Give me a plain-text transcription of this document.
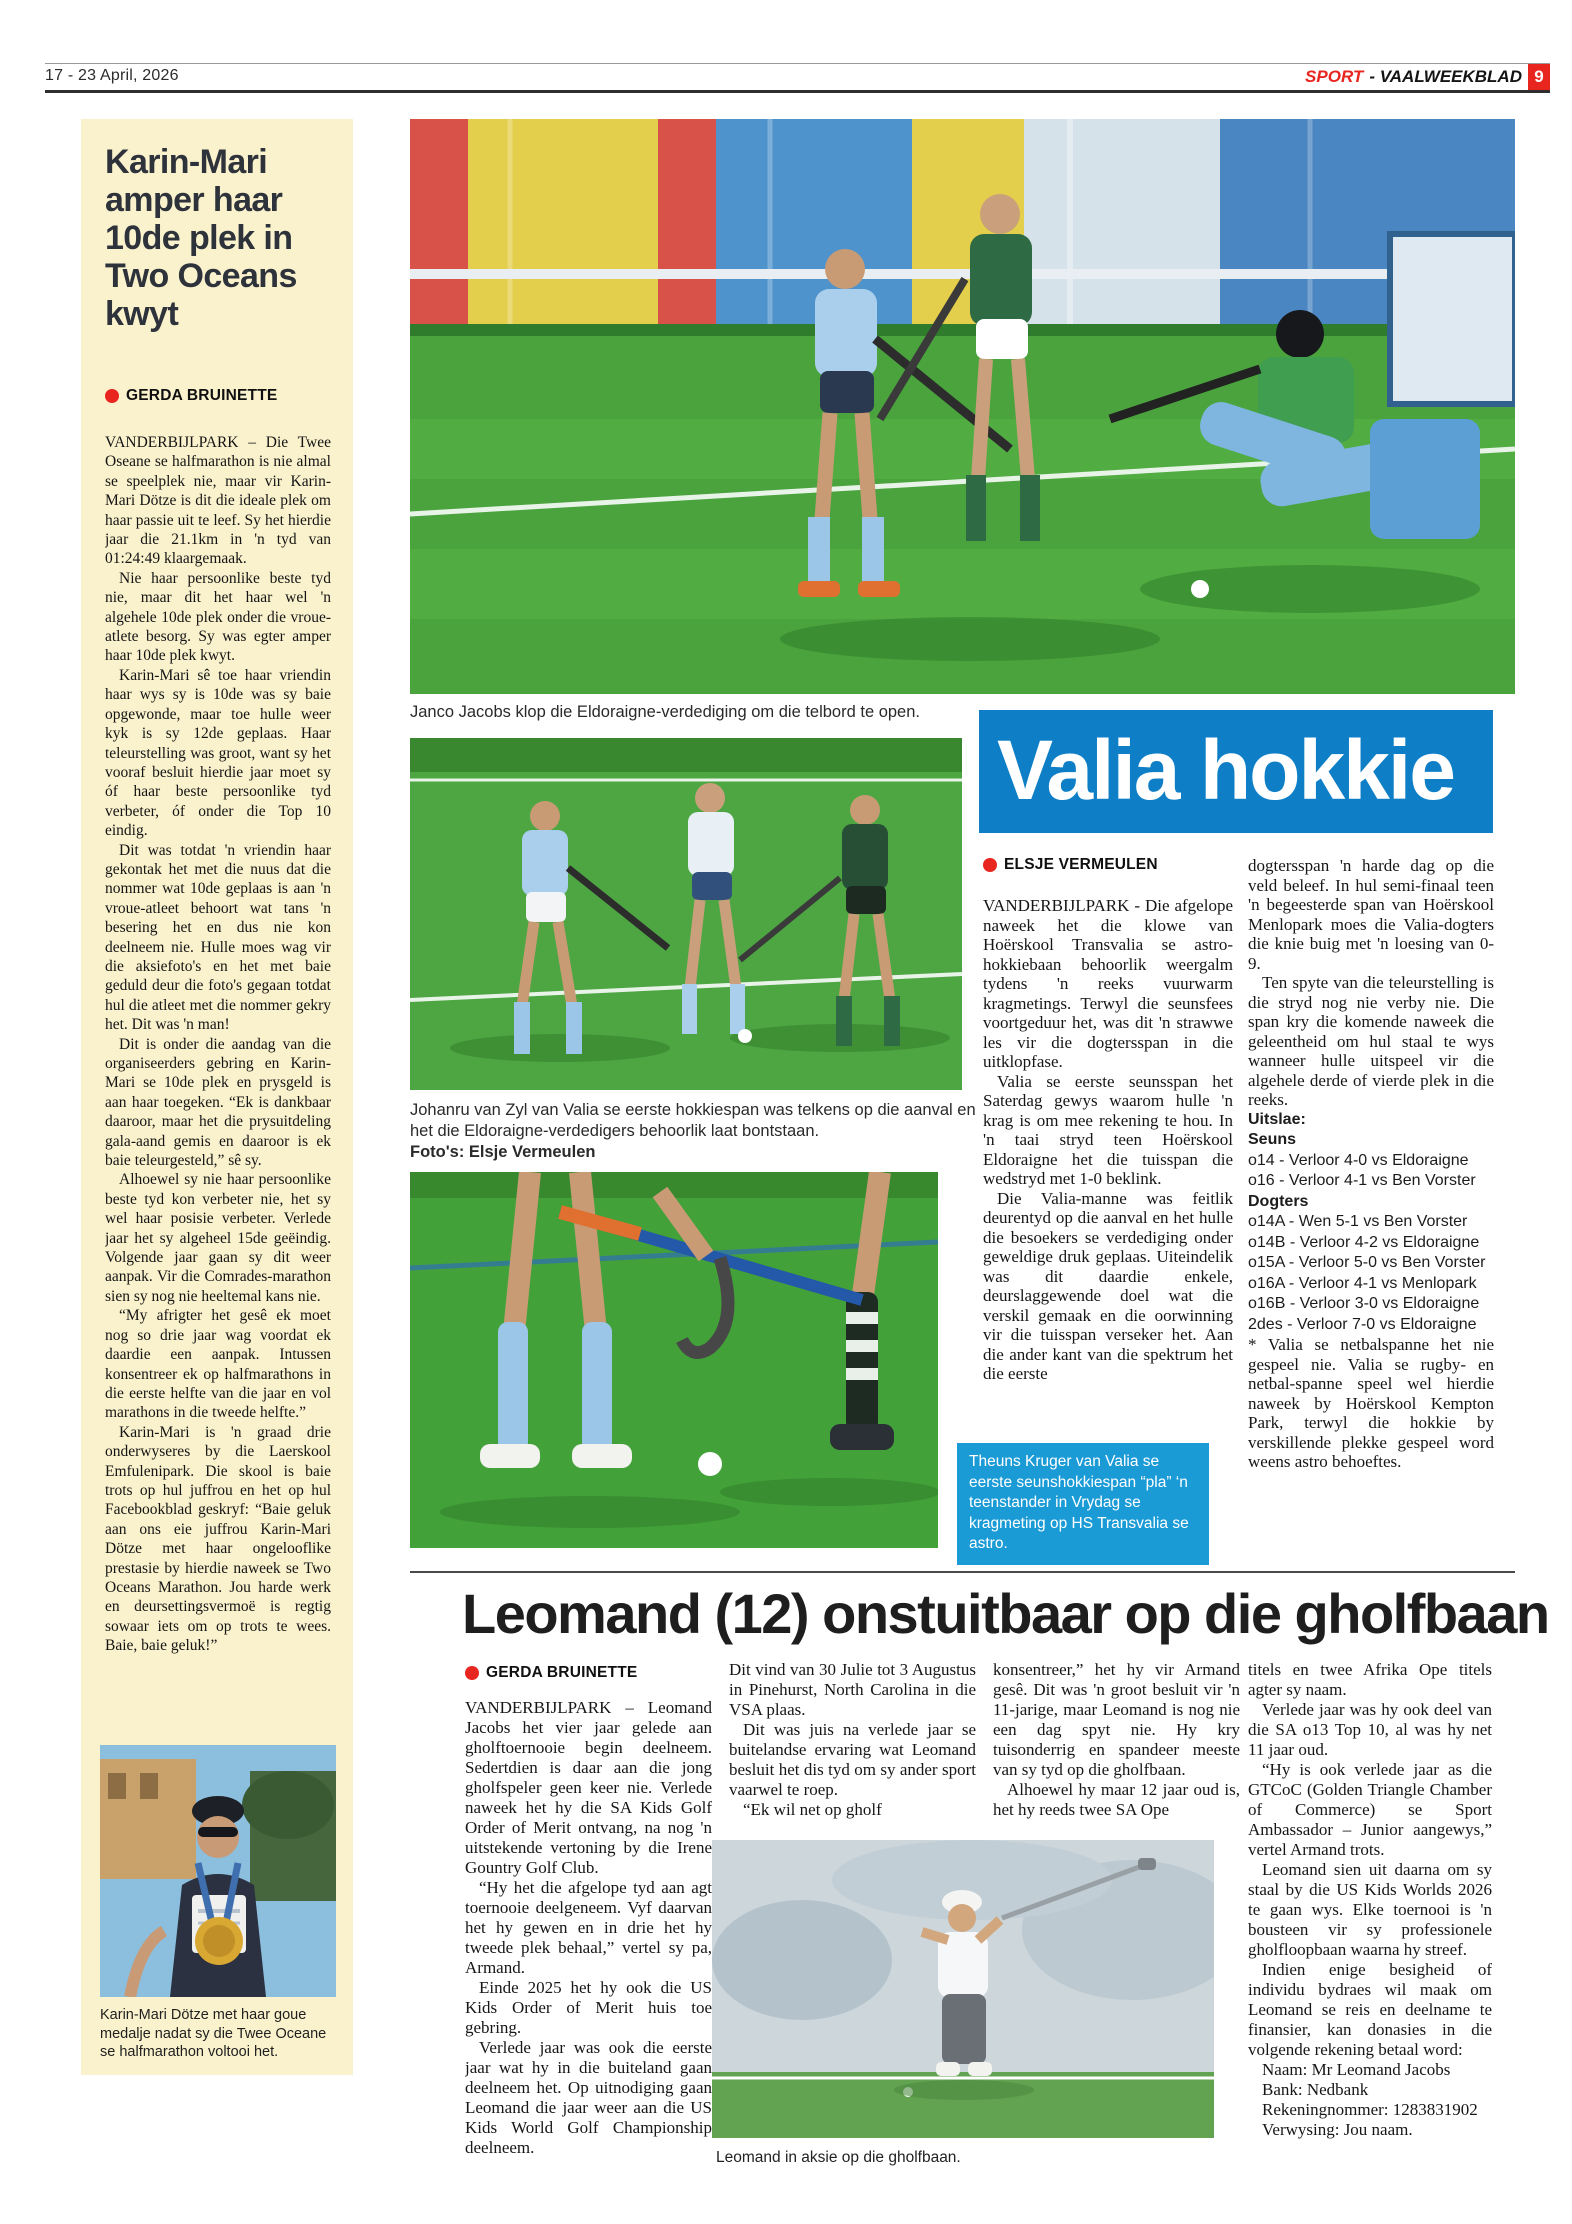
17 - 23 April, 2026	SPORT - VAALWEEKBLAD 9
Karin-Mari amper haar 10de plek in Two Oceans kwyt
GERDA BRUINETTE

VANDERBIJLPARK – Die Twee Oseane se halfmarathon is nie almal se speelplek nie, maar vir Karin-Mari Dötze is dit die ideale plek om haar passie uit te leef. Sy het hierdie jaar die 21.1km in 'n tyd van 01:24:49 klaargemaak.

Nie haar persoonlike beste tyd nie, maar dit het haar wel 'n algehele 10de plek onder die vroue-atlete besorg. Sy was egter amper haar 10de plek kwyt.

Karin-Mari sê toe haar vriendin haar wys sy is 10de was sy baie opgewonde, maar toe hulle weer kyk is sy 12de geplaas. Haar teleurstelling was groot, want sy het vooraf besluit hierdie jaar moet sy óf haar beste persoonlike tyd verbeter, óf onder die Top 10 eindig.

Dit was totdat 'n vriendin haar gekontak het met die nuus dat die nommer wat 10de geplaas is aan 'n vroue-atleet behoort wat tans 'n besering het en dus nie kon deelneem nie. Hulle moes wag vir die aksiefoto's en het met baie geduld deur die foto's gegaan totdat hul die atleet met die nommer gekry het. Dit was 'n man!

Dit is onder die aandag van die organiseerders gebring en Karin-Mari se 10de plek en prysgeld is aan haar toegeken. “Ek is dankbaar daaroor, maar het die prysuitdeling gala-aand gemis en daaroor is ek baie teleurgesteld,” sê sy.

Alhoewel sy nie haar persoonlike beste tyd kon verbeter nie, het sy wel haar posisie verbeter. Verlede jaar het sy algeheel 15de geëindig. Volgende jaar gaan sy dit weer aanpak. Vir die Comrades-marathon sien sy nog nie heeltemal kans nie.

“My afrigter het gesê ek moet nog so drie jaar wag voordat ek daardie een aanpak. Intussen konsentreer ek op halfmarathons in die eerste helfte van die jaar en vol marathons in die tweede helfte.”

Karin-Mari is 'n graad drie onderwyseres by die Laerskool Emfulenipark. Die skool is baie trots op hul juffrou en het op hul Facebookblad geskryf: “Baie geluk aan ons eie juffrou Karin-Mari Dötze met haar ongelooflike prestasie by hierdie naweek se Two Oceans Marathon. Jou harde werk en deursettingsvermoë is regtig sowaar iets om op trots te wees. Baie, baie geluk!”

Karin-Mari Dötze met haar goue medalje nadat sy die Twee Oceane se halfmarathon voltooi het.
Janco Jacobs klop die Eldoraigne-verdediging om die telbord te open.
Valia hokkie
Johanru van Zyl van Valia se eerste hokkiespan was telkens op die aanval en het die Eldoraigne-verdedigers behoorlik laat bontstaan.
Foto's: Elsje Vermeulen
Theuns Kruger van Valia se eerste seunshokkiespan “pla” ‘n teenstander in Vrydag se kragmeting op HS Transvalia se astro.
ELSJE VERMEULEN

VANDERBIJLPARK - Die afgelope naweek het die klowe van Hoërskool Transvalia se astro-hokkiebaan behoorlik weergalm tydens 'n reeks vuurwarm kragmetings. Terwyl die seunsfees voortgeduur het, was dit 'n strawwe les vir die dogtersspan in die uitklopfase.

Valia se eerste seunsspan het Saterdag gewys waarom hulle 'n krag is om mee rekening te hou. In 'n taai stryd teen Hoërskool Eldoraigne het die tuisspan die wedstryd met 1-0 beklink.

Die Valia-manne was feitlik deurentyd op die aanval en het hulle die besoekers se verdediging onder geweldige druk geplaas. Uiteindelik was dit daardie enkele, deurslaggewende doel wat die verskil gemaak en die oorwinning vir die tuisspan verseker het. Aan die ander kant van die spektrum het die eerste

dogtersspan 'n harde dag op die veld beleef. In hul semi-finaal teen 'n begeesterde span van Hoërskool Menlopark moes die Valia-dogters die knie buig met 'n loesing van 0-9.

Ten spyte van die teleurstelling is die stryd nog nie verby nie. Die span kry die komende naweek die geleentheid om hul staal te wys wanneer hulle uitspeel vir die algehele derde of vierde plek in die reeks.

Uitslae:
Seuns
o14 - Verloor 4-0 vs Eldoraigne
o16 - Verloor 4-1 vs Ben Vorster
Dogters
o14A - Wen 5-1 vs Ben Vorster
o14B - Verloor 4-2 vs Eldoraigne
o15A - Verloor 5-0 vs Ben Vorster
o16A - Verloor 4-1 vs Menlopark
o16B - Verloor 3-0 vs Eldoraigne
2des - Verloor 7-0 vs Eldoraigne

* Valia se netbalspanne het nie gespeel nie. Valia se rugby- en netbal-spanne speel wel hierdie naweek by Hoërskool Kempton Park, terwyl die hokkie by verskillende plekke gespeel word weens astro behoeftes.

Leomand (12) onstuitbaar op die gholfbaan
GERDA BRUINETTE

VANDERBIJLPARK – Leomand Jacobs het vier jaar gelede aan gholftoernooie begin deelneem. Sedertdien is daar aan die jong gholfspeler geen keer nie. Verlede naweek het hy die SA Kids Golf Order of Merit ontvang, na nog 'n uitstekende vertoning by die Irene Gountry Golf Club.

“Hy het die afgelope tyd aan agt toernooie deelgeneem. Vyf daarvan het hy gewen en in drie het hy tweede plek behaal,” vertel sy pa, Armand.

Einde 2025 het hy ook die US Kids Order of Merit huis toe gebring.

Verlede jaar was ook die eerste jaar wat hy in die buiteland gaan deelneem het. Op uitnodiging gaan Leomand die jaar weer aan die US Kids World Golf Championship deelneem.

Dit vind van 30 Julie tot 3 Augustus in Pinehurst, North Carolina in die VSA plaas.

Dit was juis na verlede jaar se buitelandse ervaring wat Leomand besluit het dis tyd om sy ander sport vaarwel te roep.

“Ek wil net op gholf

konsentreer,” het hy vir Armand gesê. Dit was 'n groot besluit vir 'n 11-jarige, maar Leomand is nog nie een dag spyt nie. Hy kry tuisonderrig en spandeer meeste van sy tyd op die gholfbaan.

Alhoewel hy maar 12 jaar oud is, het hy reeds twee SA Ope

titels en twee Afrika Ope titels agter sy naam.

Verlede jaar was hy ook deel van die SA o13 Top 10, al was hy net 11 jaar oud.

“Hy is ook verlede jaar as die GTCoC (Golden Triangle Chamber of Commerce) se Sport Ambassador – Junior aangewys,” vertel Armand trots.

Leomand sien uit daarna om sy staal by die US Kids Worlds 2026 te gaan wys. Elke toernooi is 'n bousteen vir sy professionele gholfloopbaan waarna hy streef.

Indien enige besigheid of individu bydraes wil maak om Leomand se reis en deelname te finansier, kan donasies in die volgende rekening betaal word:

Naam: Mr Leomand Jacobs

Bank: Nedbank

Rekeningnommer: 1283831902

Verwysing: Jou naam.

Leomand in aksie op die gholfbaan.
